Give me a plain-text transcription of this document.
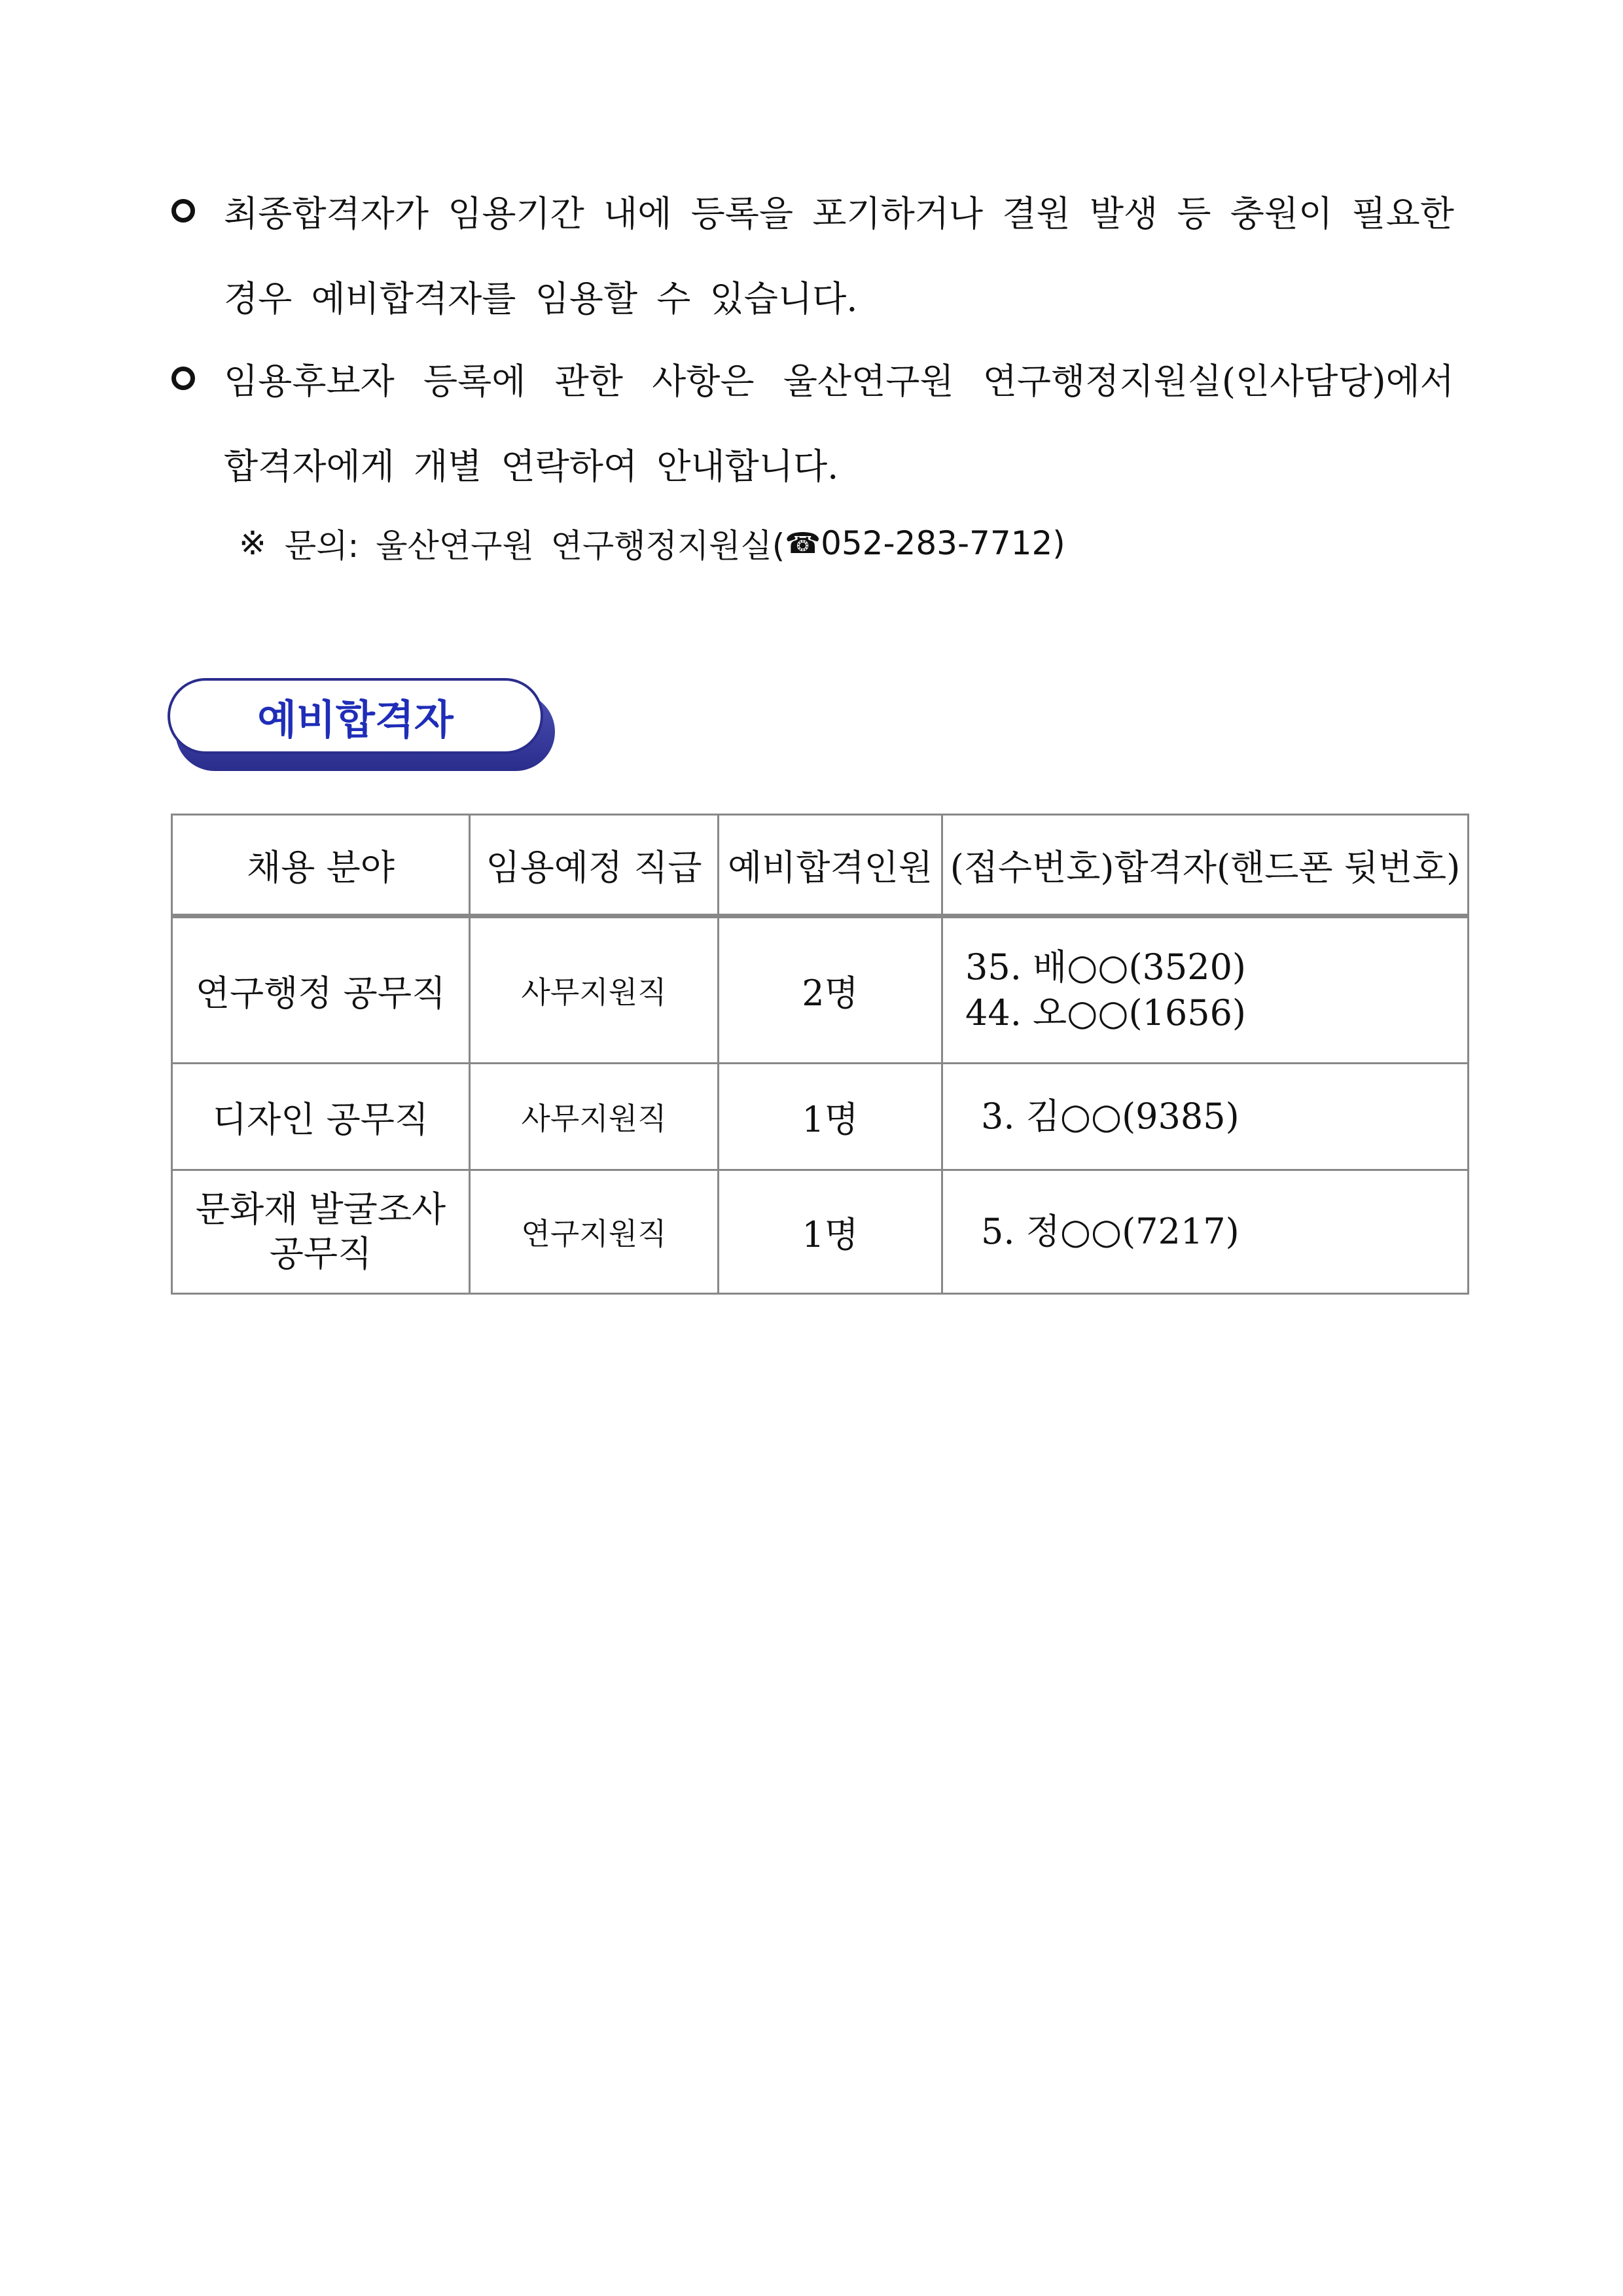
최종합격자가 임용기간 내에 등록을 포기하거나 결원 발생 등 충원이 필요한
경우 예비합격자를 임용할 수 있습니다.
임용후보자 등록에 관한 사항은 울산연구원 연구행정지원실(인사담당)에서
합격자에게 개별 연락하여 안내합니다.
※ 문의: 울산연구원 연구행정지원실( ☎ 052-283-7712 )
예비합격자
채용 분야	임용예정 직급	예비합격인원	(접수번호)합격자(핸드폰 뒷번호)
연구행정 공무직	사무지원직	2명	35. 배○○(3520)
44. 오○○(1656)

디자인 공무직	사무지원직	1명	3. 김○○(9385)

문화재 발굴조사
공무직	연구지원직	1명	5. 정○○(7217)
